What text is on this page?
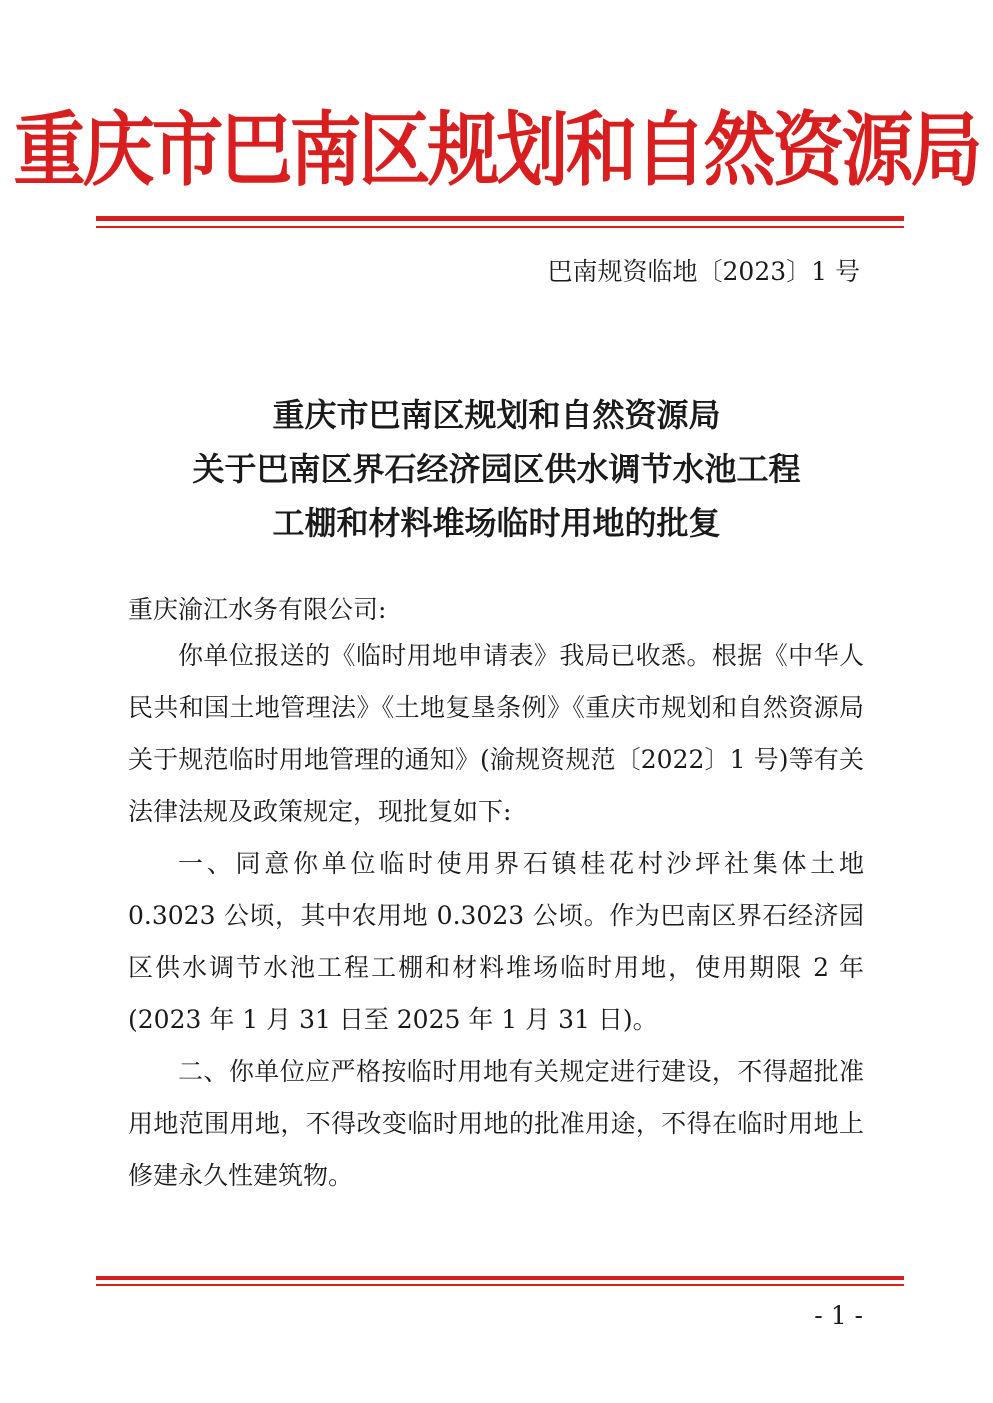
重庆市巴南区规划和自然资源局
巴南规资临地〔2023〕1 号
重庆市巴南区规划和自然资源局
关于巴南区界石经济园区供水调节水池工程
工棚和材料堆场临时用地的批复
重庆渝江水务有限公司:

你单位报送的《临时用地申请表》我局已收悉。根据《中华人民共和国土地管理法》《土地复垦条例》《重庆市规划和自然资源局关于规范临时用地管理的通知》(渝规资规范〔2022〕1 号)等有关法律法规及政策规定，现批复如下:

一、同意你单位临时使用界石镇桂花村沙坪社集体土地 0.3023 公顷，其中农用地 0.3023 公顷。作为巴南区界石经济园区供水调节水池工程工棚和材料堆场临时用地，使用期限 2 年(2023 年 1 月 31 日至 2025 年 1 月 31 日)。

二、你单位应严格按临时用地有关规定进行建设，不得超批准用地范围用地，不得改变临时用地的批准用途，不得在临时用地上修建永久性建筑物。

- 1 -
